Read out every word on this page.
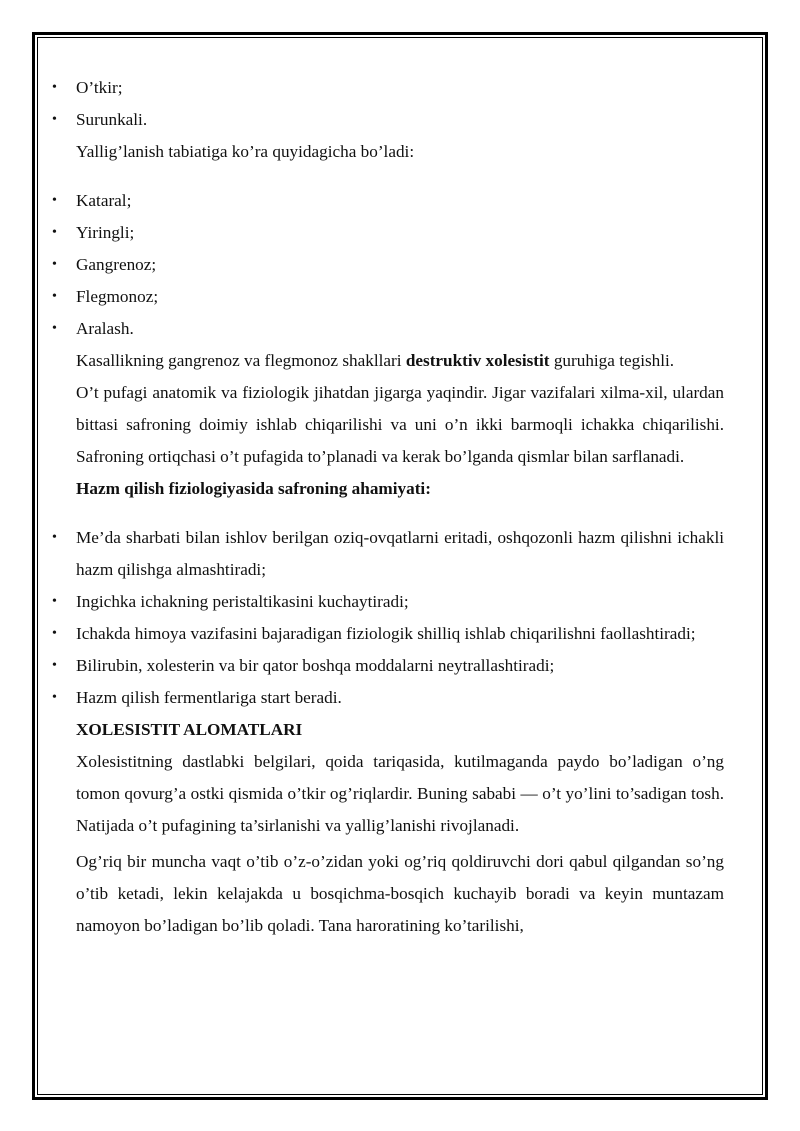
• O’tkir;
• Surunkali.
Yallig’lanish tabiatiga ko’ra quyidagicha bo’ladi:
• Kataral;
• Yiringli;
• Gangrenoz;
• Flegmonoz;
• Aralash.
Kasallikning gangrenoz va flegmonoz shakllari destruktiv xolesistit guruhiga tegishli.
O’t pufagi anatomik va fiziologik jihatdan jigarga yaqindir. Jigar vazifalari xilma-xil, ulardan bittasi safroning doimiy ishlab chiqarilishi va uni o’n ikki barmoqli ichakka chiqarilishi. Safroning ortiqchasi o’t pufagida to’planadi va kerak bo’lganda qismlar bilan sarflanadi.
Hazm qilish fiziologiyasida safroning ahamiyati:
• Me’da sharbati bilan ishlov berilgan oziq-ovqatlarni eritadi, oshqozonli hazm qilishni ichakli hazm qilishga almashtiradi;
• Ingichka ichakning peristaltikasini kuchaytiradi;
• Ichakda himoya vazifasini bajaradigan fiziologik shilliq ishlab chiqarilishni faollashtiradi;
• Bilirubin, xolesterin va bir qator boshqa moddalarni neytrallashtiradi;
• Hazm qilish fermentlariga start beradi.
XOLESISTIT ALOMATLARI
Xolesistitning dastlabki belgilari, qoida tariqasida, kutilmaganda paydo bo’ladigan o’ng tomon qovurg’a ostki qismida o’tkir og’riqlardir. Buning sababi — o’t yo’lini to’sadigan tosh. Natijada o’t pufagining ta’sirlanishi va yallig’lanishi rivojlanadi.
Og’riq bir muncha vaqt o’tib o’z-o’zidan yoki og’riq qoldiruvchi dori qabul qilgandan so’ng o’tib ketadi, lekin kelajakda u bosqichma-bosqich kuchayib boradi va keyin muntazam namoyon bo’ladigan bo’lib qoladi. Tana haroratining ko’tarilishi,
